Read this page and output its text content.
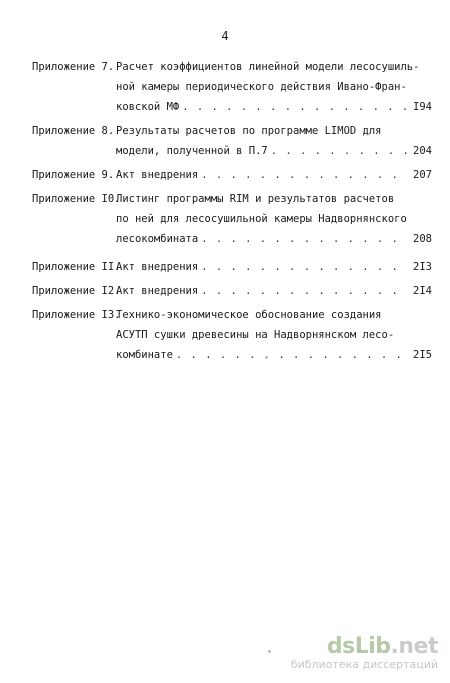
4
Приложение 7. Расчет коэффициентов линейной модели лесосушиль-
ной камеры периодического действия Ивано-Фран-
ковской МФ . . .	I94
Приложение 8. Результаты расчетов по программе LIMOD для
модели, полученной в П.7 . . .	204
Приложение 9. Акт внедрения . . .	207
Приложение I0.
Листинг программы RIM и результатов расчетов
по ней для лесосушильной камеры Надворнянского
лесокомбината . . .	208
Приложение II.
Акт внедрения . . .	2I3
Приложение I2.
Акт внедрения . . .	2I4
Приложение I3.
Технико-экономическое обоснование создания
АСУТП сушки древесины на Надворнянском лесо-
комбинате . . .	2I5
dsLib.net
библиотека диссертаций
